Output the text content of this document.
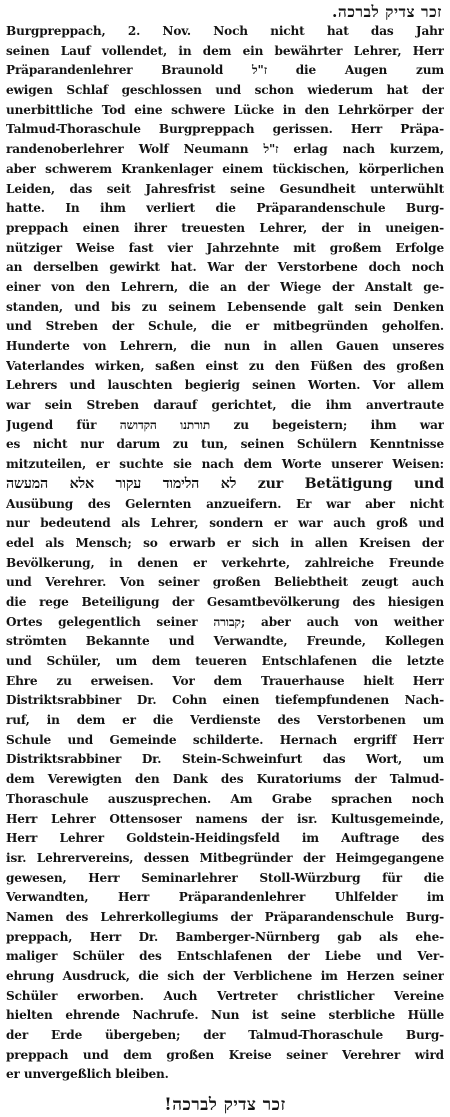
זכר צדיק לברכה.
Burgpreppach, 2. Nov. Noch nicht hat das Jahr
seinen Lauf vollendet, in dem ein bewährter Lehrer, Herr
Präparandenlehrer Braunold ז"ל die Augen zum
ewigen Schlaf geschlossen und schon wiederum hat der
unerbittliche Tod eine schwere Lücke in den Lehrkörper der
Talmud-Thoraschule Burgpreppach gerissen. Herr Präpa-
randenoberlehrer Wolf Neumann ז"ל erlag nach kurzem,
aber schwerem Krankenlager einem tückischen, körperlichen
Leiden, das seit Jahresfrist seine Gesundheit unterwühlt
hatte. In ihm verliert die Präparandenschule Burg-
preppach einen ihrer treuesten Lehrer, der in uneigen-
nütziger Weise fast vier Jahrzehnte mit großem Erfolge
an derselben gewirkt hat. War der Verstorbene doch noch
einer von den Lehrern, die an der Wiege der Anstalt ge-
standen, und bis zu seinem Lebensende galt sein Denken
und Streben der Schule, die er mitbegründen geholfen.
Hunderte von Lehrern, die nun in allen Gauen unseres
Vaterlandes wirken, saßen einst zu den Füßen des großen
Lehrers und lauschten begierig seinen Worten. Vor allem
war sein Streben darauf gerichtet, die ihm anvertraute
Jugend für תורתנו הקדושה zu begeistern; ihm war
es nicht nur darum zu tun, seinen Schülern Kenntnisse
mitzuteilen, er suchte sie nach dem Worte unserer Weisen:
לא הלימוד עקור אלא המעשה zur Betätigung und
Ausübung des Gelernten anzueifern. Er war aber nicht
nur bedeutend als Lehrer, sondern er war auch groß und
edel als Mensch; so erwarb er sich in allen Kreisen der
Bevölkerung, in denen er verkehrte, zahlreiche Freunde
und Verehrer. Von seiner großen Beliebtheit zeugt auch
die rege Beteiligung der Gesamtbevölkerung des hiesigen
Ortes gelegentlich seiner קבורה; aber auch von weither
strömten Bekannte und Verwandte, Freunde, Kollegen
und Schüler, um dem teueren Entschlafenen die letzte
Ehre zu erweisen. Vor dem Trauerhause hielt Herr
Distriktsrabbiner Dr. Cohn einen tiefempfundenen Nach-
ruf, in dem er die Verdienste des Verstorbenen um
Schule und Gemeinde schilderte. Hernach ergriff Herr
Distriktsrabbiner Dr. Stein-Schweinfurt das Wort, um
dem Verewigten den Dank des Kuratoriums der Talmud-
Thoraschule auszusprechen. Am Grabe sprachen noch
Herr Lehrer Ottensoser namens der isr. Kultusgemeinde,
Herr Lehrer Goldstein-Heidingsfeld im Auftrage des
isr. Lehrervereins, dessen Mitbegründer der Heimgegangene
gewesen, Herr Seminarlehrer Stoll-Würzburg für die
Verwandten, Herr Präparandenlehrer Uhlfelder im
Namen des Lehrerkollegiums der Präparandenschule Burg-
preppach, Herr Dr. Bamberger-Nürnberg gab als ehe-
maliger Schüler des Entschlafenen der Liebe und Ver-
ehrung Ausdruck, die sich der Verblichene im Herzen seiner
Schüler erworben. Auch Vertreter christlicher Vereine
hielten ehrende Nachrufe. Nun ist seine sterbliche Hülle
der Erde übergeben; der Talmud-Thoraschule Burg-
preppach und dem großen Kreise seiner Verehrer wird
er unvergeßlich bleiben.
זכר צדיק לברכה!
